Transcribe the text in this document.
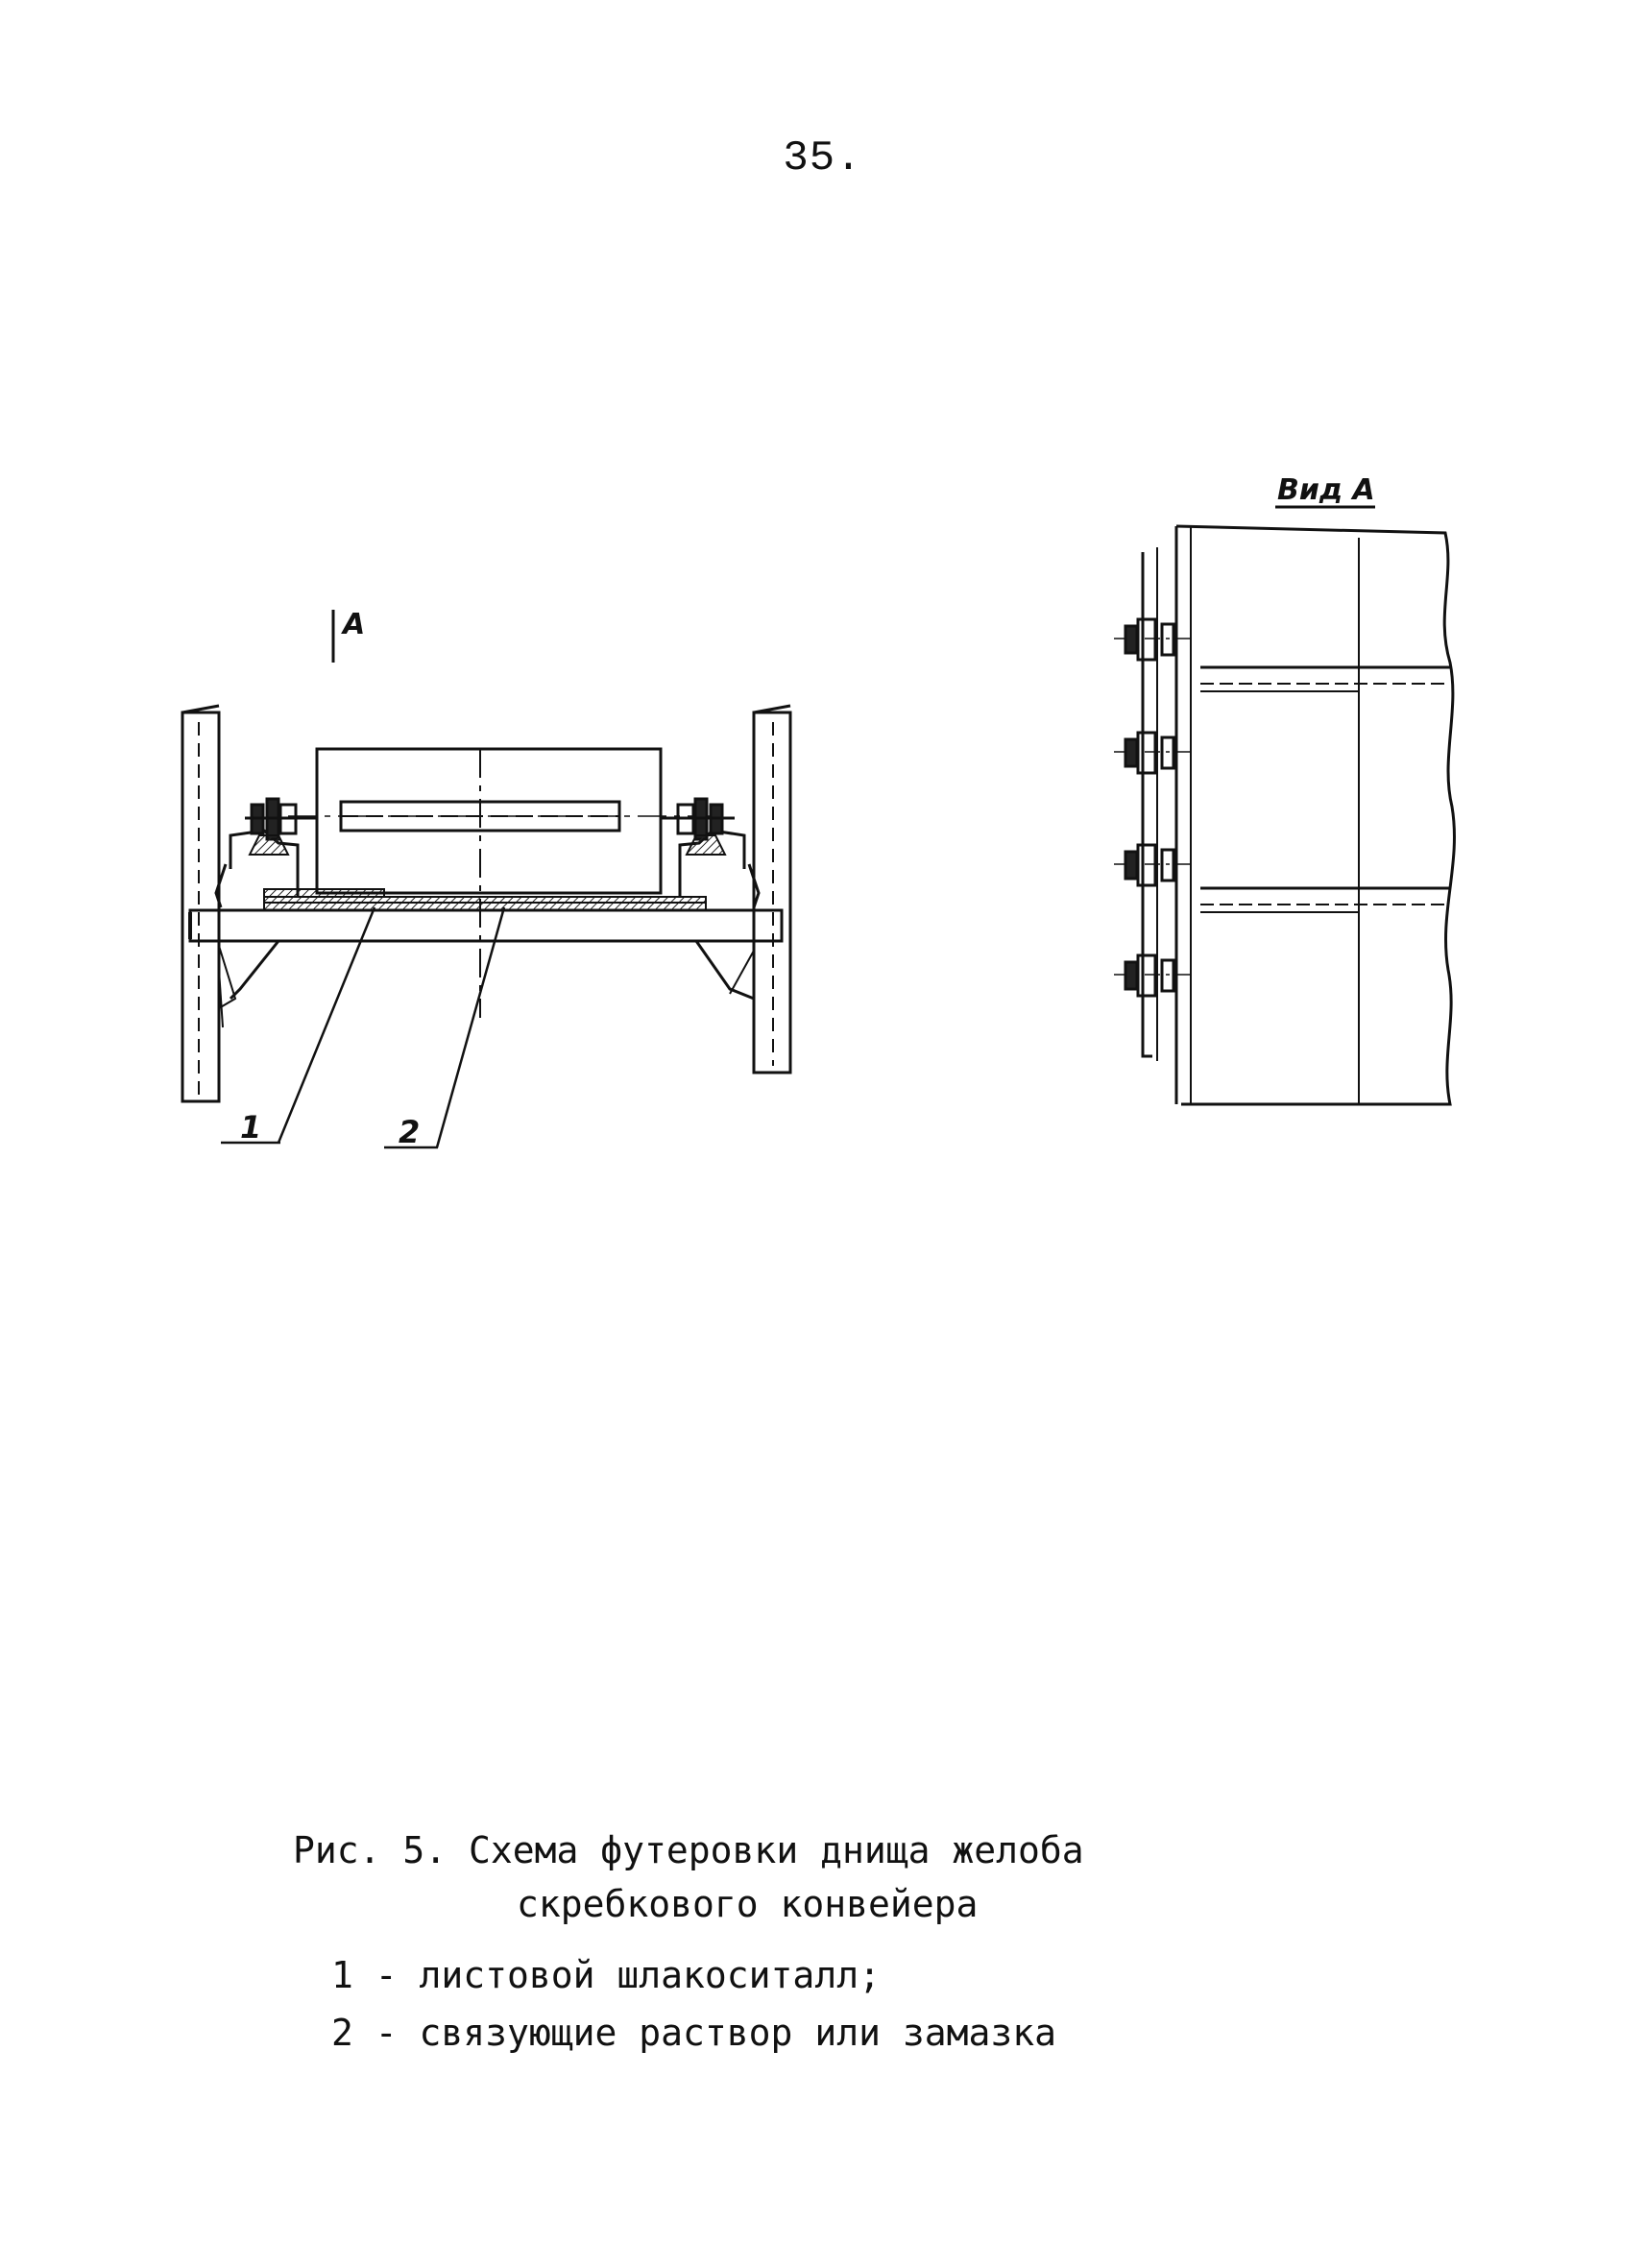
35.
A
1	2
Вид А
Рис. 5. Схема футеровки днища желоба
скребкового конвейера
1 - листовой шлакоситалл;
2 - связующие раствор или замазка
